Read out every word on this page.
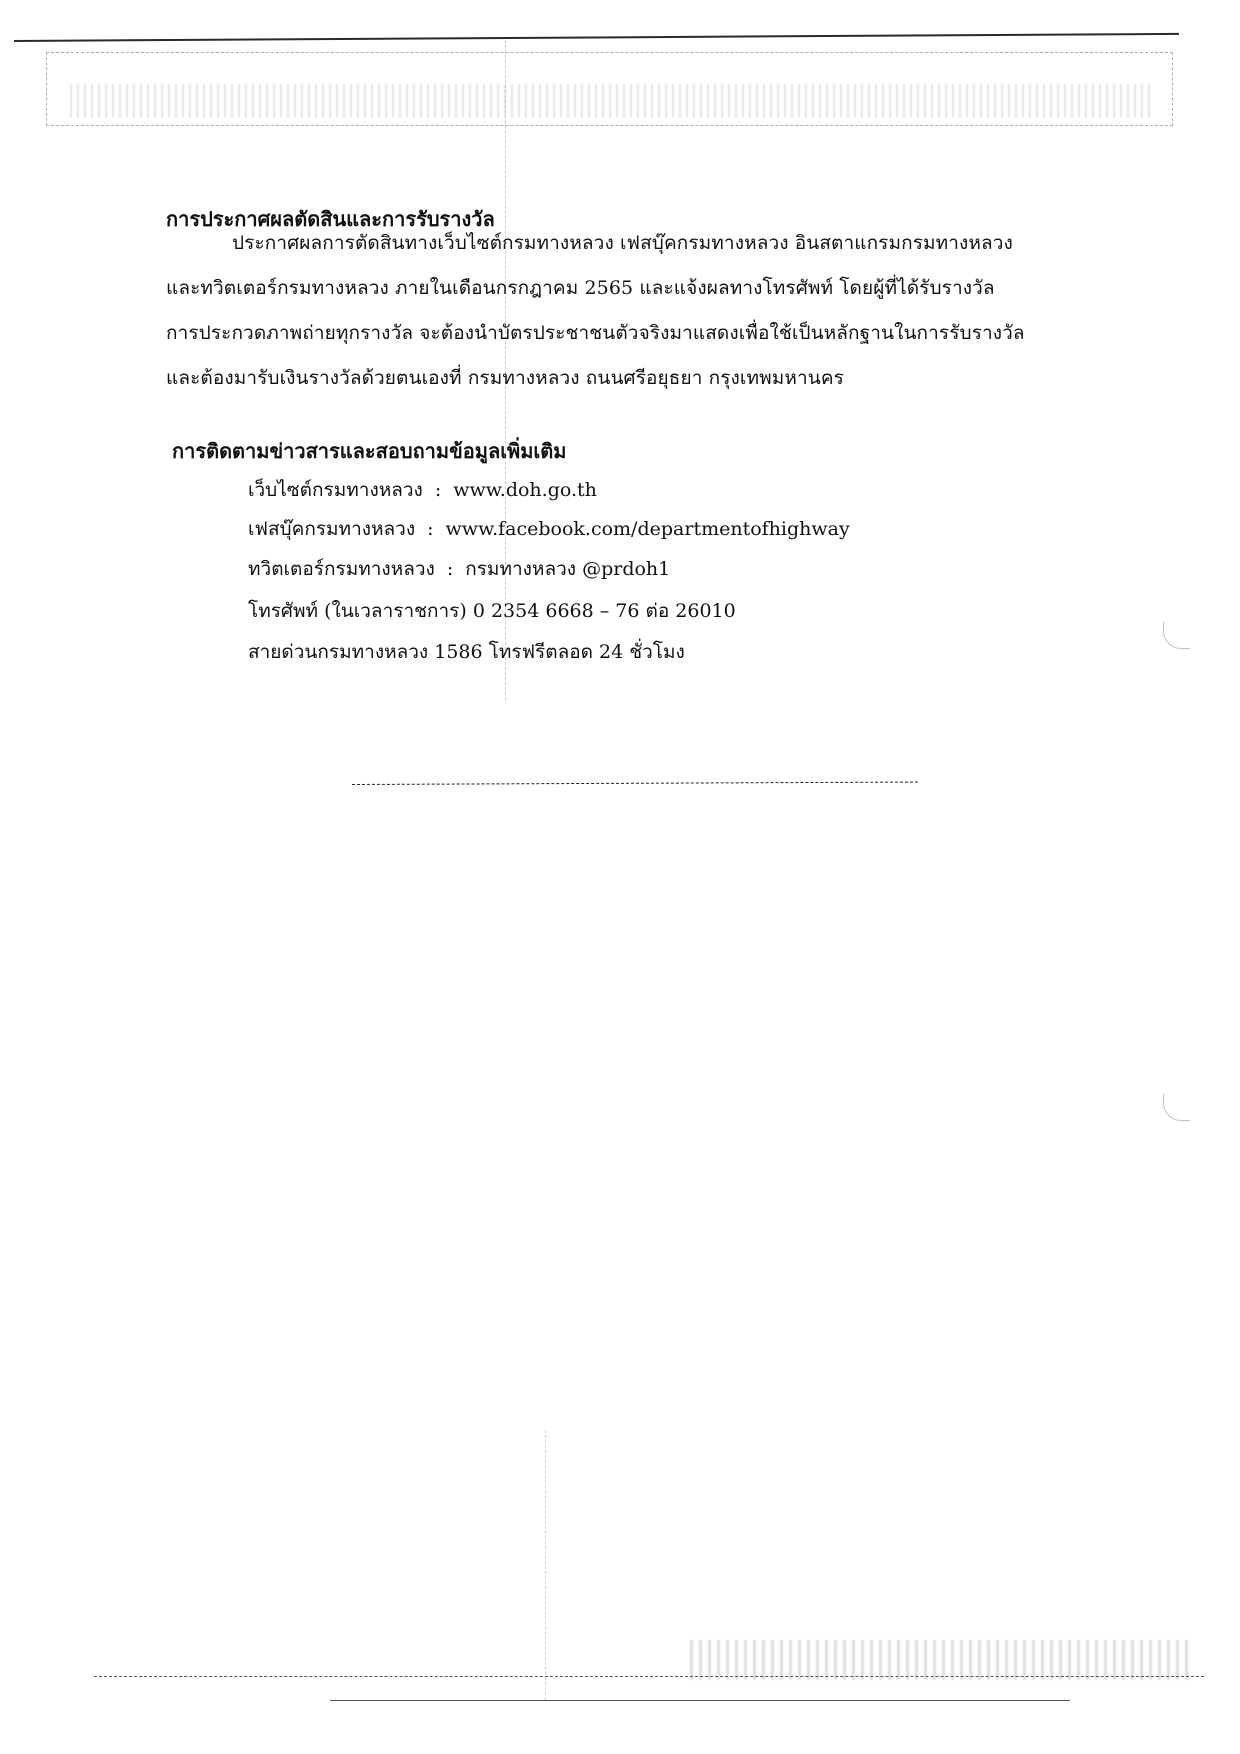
การประกาศผลตัดสินและการรับรางวัล

ประกาศผลการตัดสินทางเว็บไซต์กรมทางหลวง เฟสบุ๊คกรมทางหลวง อินสตาแกรมกรมทางหลวง

และทวิตเตอร์กรมทางหลวง ภายในเดือนกรกฎาคม 2565 และแจ้งผลทางโทรศัพท์ โดยผู้ที่ได้รับรางวัล

การประกวดภาพถ่ายทุกรางวัล จะต้องนำบัตรประชาชนตัวจริงมาแสดงเพื่อใช้เป็นหลักฐานในการรับรางวัล

และต้องมารับเงินรางวัลด้วยตนเองที่ กรมทางหลวง ถนนศรีอยุธยา กรุงเทพมหานคร

การติดตามข่าวสารและสอบถามข้อมูลเพิ่มเติม

เว็บไซต์กรมทางหลวง : www.doh.go.th

เฟสบุ๊คกรมทางหลวง : www.facebook.com/departmentofhighway

ทวิตเตอร์กรมทางหลวง : กรมทางหลวง @prdoh1

โทรศัพท์ (ในเวลาราชการ) 0 2354 6668 – 76 ต่อ 26010

สายด่วนกรมทางหลวง 1586 โทรฟรีตลอด 24 ชั่วโมง
